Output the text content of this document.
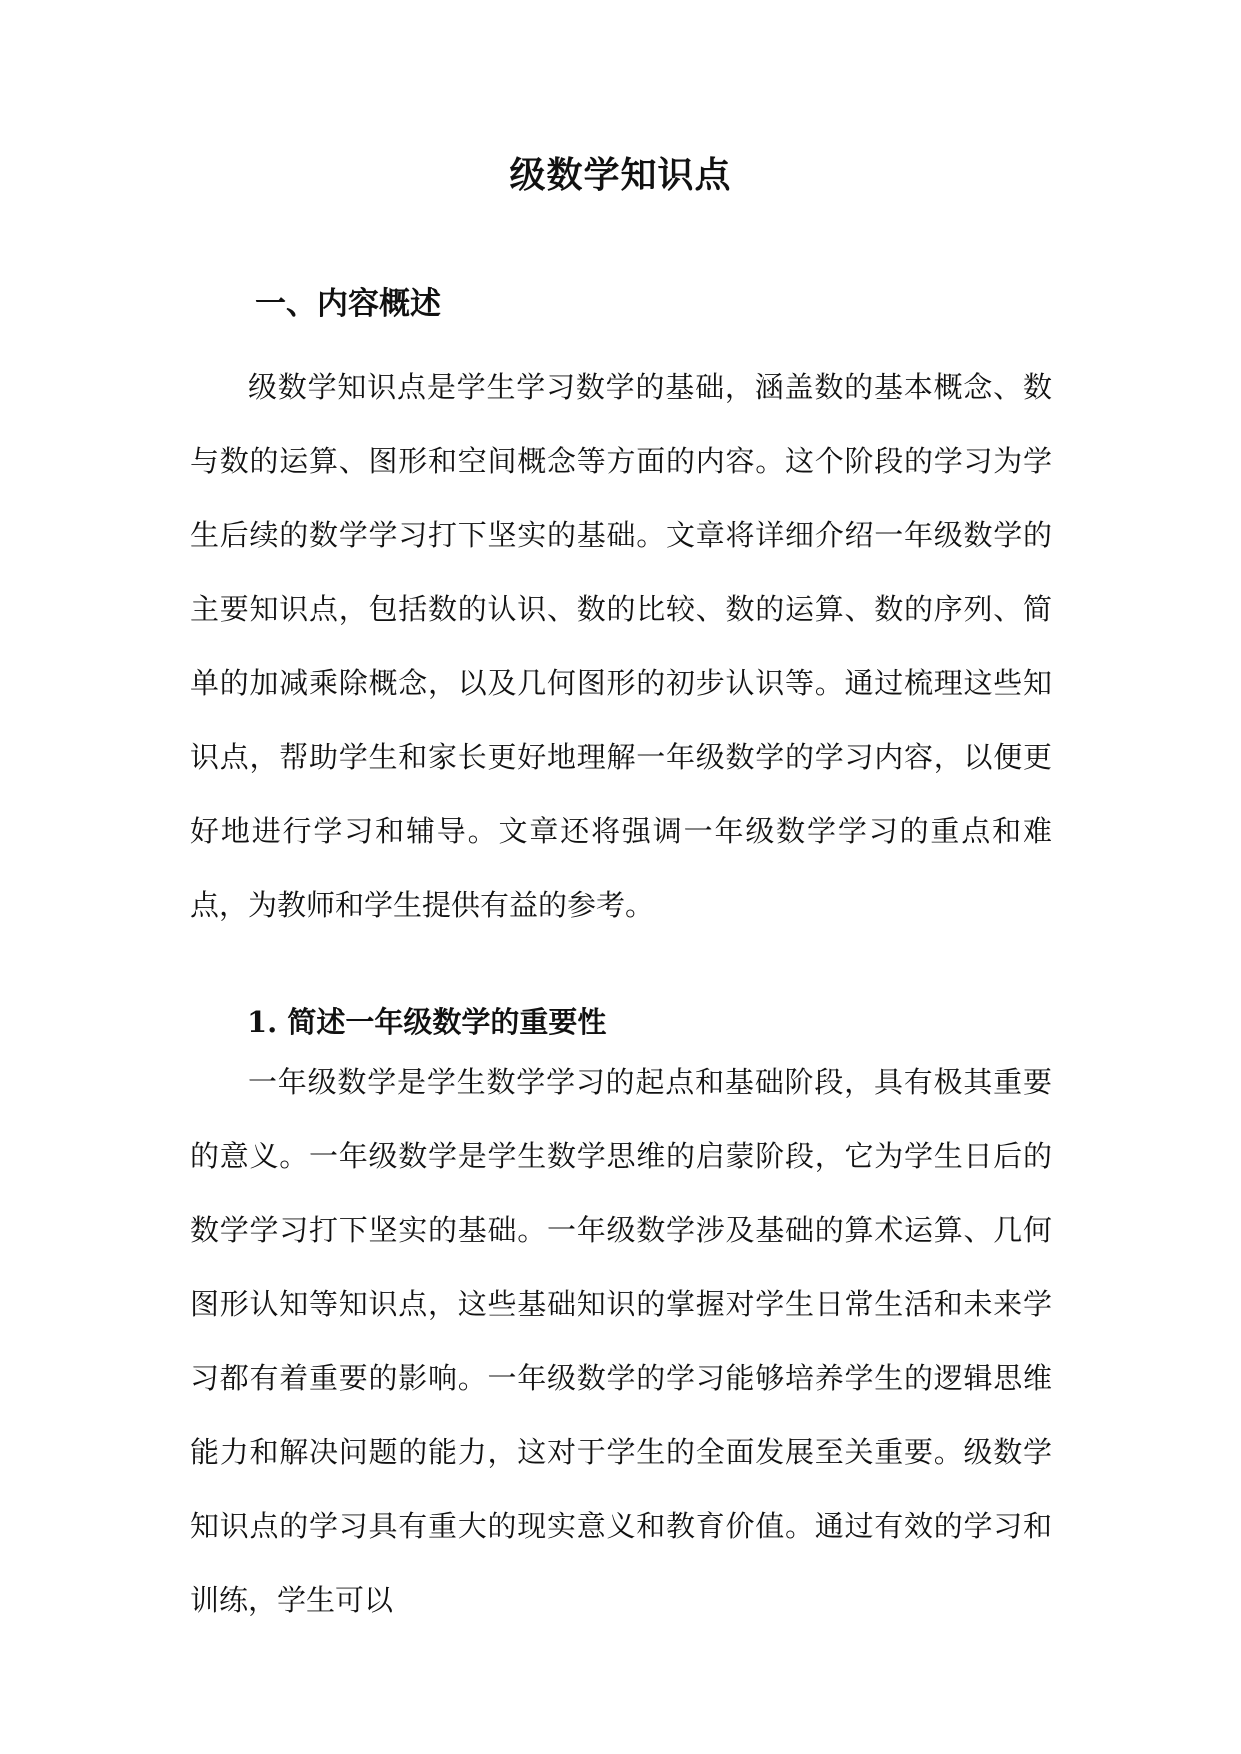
级数学知识点
一、内容概述

级数学知识点是学生学习数学的基础，涵盖数的基本概念、数与数的运算、图形和空间概念等方面的内容。这个阶段的学习为学生后续的数学学习打下坚实的基础。文章将详细介绍一年级数学的主要知识点，包括数的认识、数的比较、数的运算、数的序列、简单的加减乘除概念，以及几何图形的初步认识等。通过梳理这些知识点，帮助学生和家长更好地理解一年级数学的学习内容，以便更好地进行学习和辅导。文章还将强调一年级数学学习的重点和难点，为教师和学生提供有益的参考。

1. 简述一年级数学的重要性

一年级数学是学生数学学习的起点和基础阶段，具有极其重要的意义。一年级数学是学生数学思维的启蒙阶段，它为学生日后的数学学习打下坚实的基础。一年级数学涉及基础的算术运算、几何图形认知等知识点，这些基础知识的掌握对学生日常生活和未来学习都有着重要的影响。一年级数学的学习能够培养学生的逻辑思维能力和解决问题的能力，这对于学生的全面发展至关重要。级数学知识点的学习具有重大的现实意义和教育价值。通过有效的学习和训练，学生可以
